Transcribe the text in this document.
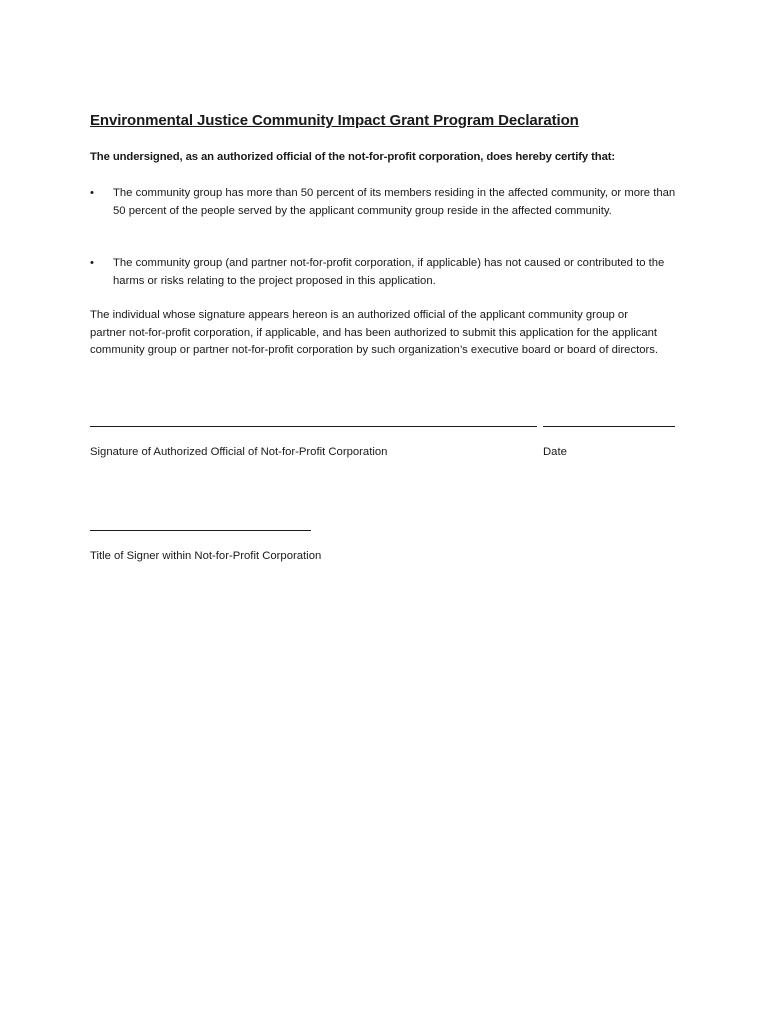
Environmental Justice Community Impact Grant Program Declaration
The undersigned, as an authorized official of the not-for-profit corporation, does hereby certify that:
• The community group has more than 50 percent of its members residing in the affected community, or more than 50 percent of the people served by the applicant community group reside in the affected community.
• The community group (and partner not-for-profit corporation, if applicable) has not caused or contributed to the harms or risks relating to the project proposed in this application.
The individual whose signature appears hereon is an authorized official of the applicant community group or partner not-for-profit corporation, if applicable, and has been authorized to submit this application for the applicant community group or partner not-for-profit corporation by such organization’s executive board or board of directors.
Signature of Authorized Official of Not-for-Profit Corporation	Date
Title of Signer within Not-for-Profit Corporation
